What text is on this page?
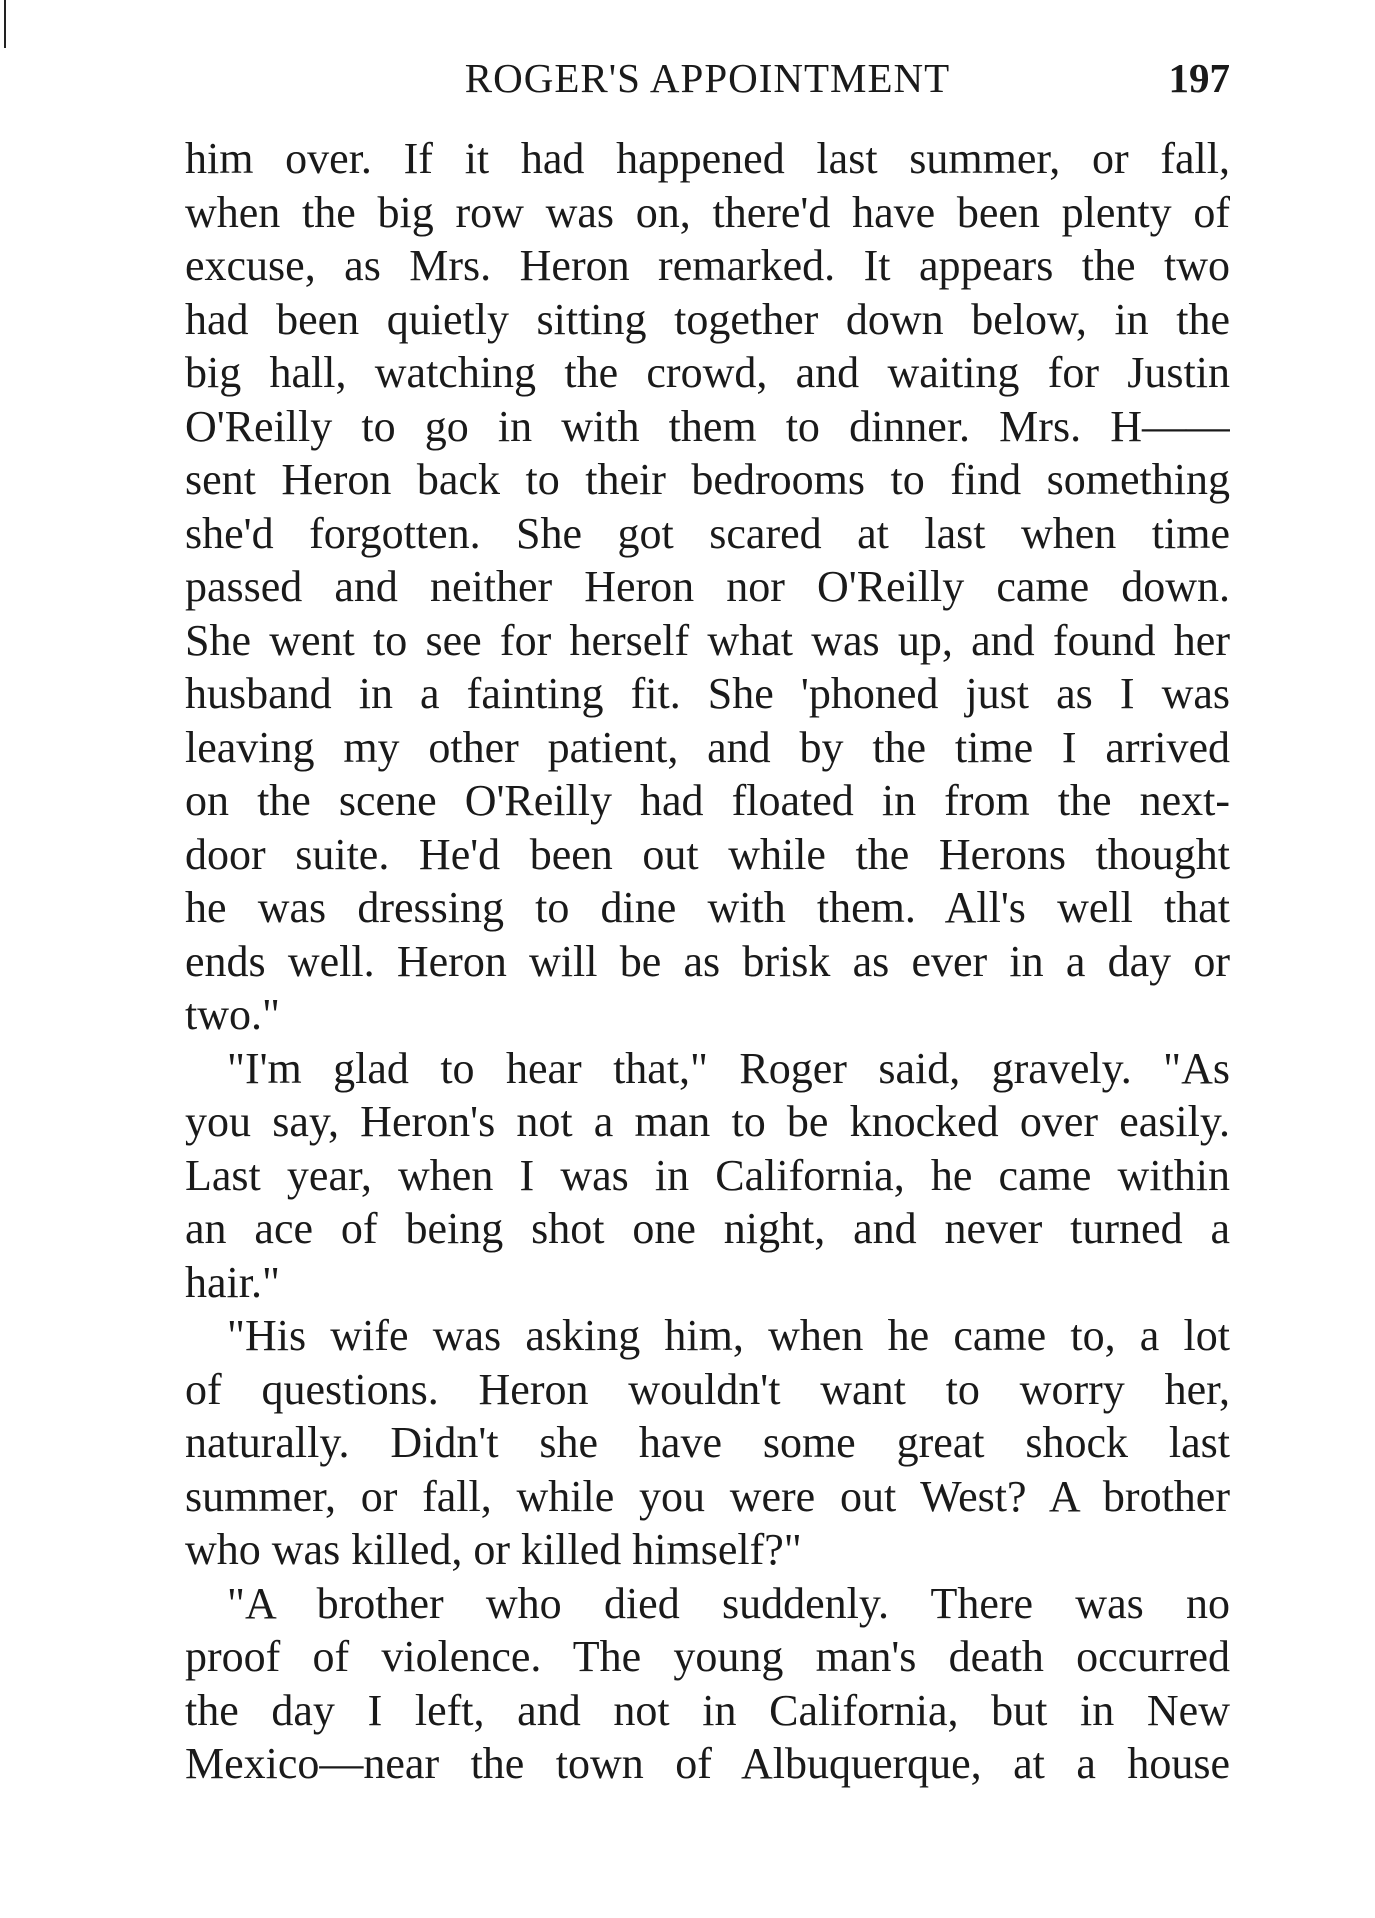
ROGER'S APPOINTMENT	197
him over. If it had happened last summer, or fall,
when the big row was on, there'd have been plenty of
excuse, as Mrs. Heron remarked. It appears the two
had been quietly sitting together down below, in the
big hall, watching the crowd, and waiting for Justin
O'Reilly to go in with them to dinner. Mrs. H——
sent Heron back to their bedrooms to find something
she'd forgotten. She got scared at last when time
passed and neither Heron nor O'Reilly came down.
She went to see for herself what was up, and found her
husband in a fainting fit. She 'phoned just as I was
leaving my other patient, and by the time I arrived
on the scene O'Reilly had floated in from the next-
door suite. He'd been out while the Herons thought
he was dressing to dine with them. All's well that
ends well. Heron will be as brisk as ever in a day or
two."
"I'm glad to hear that," Roger said, gravely. "As
you say, Heron's not a man to be knocked over easily.
Last year, when I was in California, he came within
an ace of being shot one night, and never turned a
hair."
"His wife was asking him, when he came to, a lot
of questions. Heron wouldn't want to worry her,
naturally. Didn't she have some great shock last
summer, or fall, while you were out West? A brother
who was killed, or killed himself?"
"A brother who died suddenly. There was no
proof of violence. The young man's death occurred
the day I left, and not in California, but in New
Mexico—near the town of Albuquerque, at a house
